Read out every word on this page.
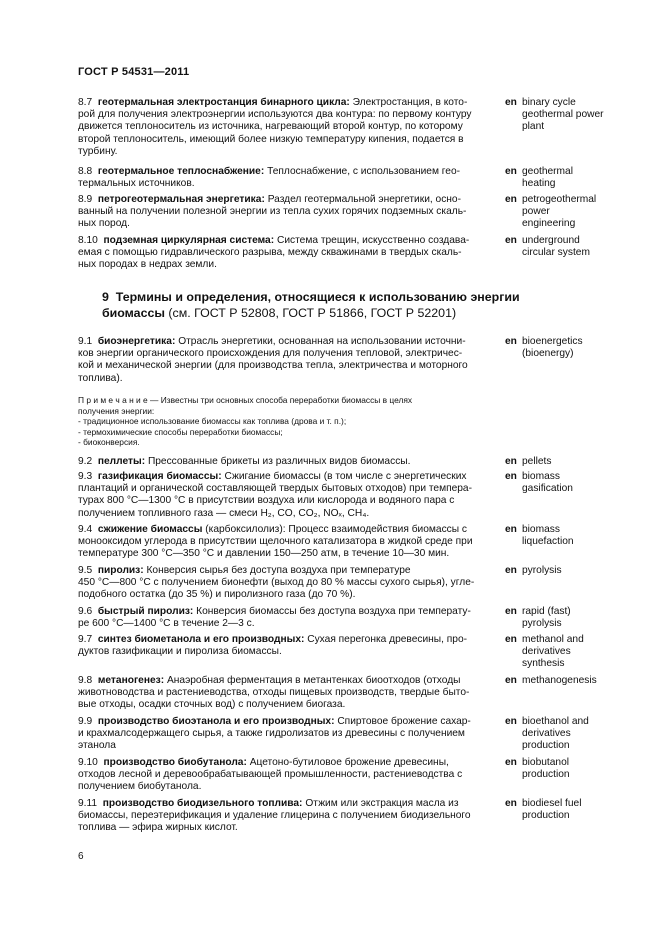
ГОСТ Р 54531—2011
8.7 геотермальная электростанция бинарного цикла: Электростанция, в кото-
рой для получения электроэнергии используются два контура: по первому контуру
движется теплоноситель из источника, нагревающий второй контур, по которому
второй теплоноситель, имеющий более низкую температуру кипения, подается в
турбину.
en binary cycle
geothermal power
plant
8.8 геотермальное теплоснабжение: Теплоснабжение, с использованием гео-
термальных источников.
en geothermal
heating
8.9 петрогеотермальная энергетика: Раздел геотермальной энергетики, осно-
ванный на получении полезной энергии из тепла сухих горячих подземных скаль-
ных пород.
en petrogeothermal
power
engineering
8.10 подземная циркулярная система: Система трещин, искусственно создава-
емая с помощью гидравлического разрыва, между скважинами в твердых скаль-
ных породах в недрах земли.
en underground
circular system
9 Термины и определения, относящиеся к использованию энергии
биомассы (см. ГОСТ Р 52808, ГОСТ Р 51866, ГОСТ Р 52201)
9.1 биоэнергетика: Отрасль энергетики, основанная на использовании источни-
ков энергии органического происхождения для получения тепловой, электричес-
кой и механической энергии (для производства тепла, электричества и моторного
топлива).
en bioenergetics
(bioenergy)
П р и м е ч а н и е — Известны три основных способа переработки биомассы в целях
получения энергии:
- традиционное использование биомассы как топлива (дрова и т. п.);
- термохимические способы переработки биомассы;
- биоконверсия.
9.2 пеллеты: Прессованные брикеты из различных видов биомассы.	en pellets
9.3 газификация биомассы: Сжигание биомассы (в том числе с энергетических
плантаций и органической составляющей твердых бытовых отходов) при темпера-
турах 800 °С—1300 °С в присутствии воздуха или кислорода и водяного пара с
получением топливного газа — смеси H₂, CO, CO₂, NOₓ, CH₄.
en biomass
gasification
9.4 сжижение биомассы (карбоксилолиз): Процесс взаимодействия биомассы с
монооксидом углерода в присутствии щелочного катализатора в жидкой среде при
температуре 300 °С—350 °С и давлении 150—250 атм, в течение 10—30 мин.
en biomass
liquefaction
9.5 пиролиз: Конверсия сырья без доступа воздуха при температуре
450 °С—800 °С с получением бионефти (выход до 80 % массы сухого сырья), угле-
подобного остатка (до 35 %) и пиролизного газа (до 70 %).
en pyrolysis
9.6 быстрый пиролиз: Конверсия биомассы без доступа воздуха при температу-
ре 600 °С—1400 °С в течение 2—3 с.
en rapid (fast)
pyrolysis
9.7 синтез биометанола и его производных: Сухая перегонка древесины, про-
дуктов газификации и пиролиза биомассы.
en methanol and
derivatives
synthesis
9.8 метаногенез: Анаэробная ферментация в метантенках биоотходов (отходы
животноводства и растениеводства, отходы пищевых производств, твердые быто-
вые отходы, осадки сточных вод) с получением биогаза.
en methanogenesis
9.9 производство биоэтанола и его производных: Спиртовое брожение сахар-
и крахмалсодержащего сырья, а также гидролизатов из древесины с получением
этанола
en bioethanol and
derivatives
production
9.10 производство биобутанола: Ацетоно-бутиловое брожение древесины,
отходов лесной и деревообрабатывающей промышленности, растениеводства с
получением биобутанола.
en biobutanol
production
9.11 производство биодизельного топлива: Отжим или экстракция масла из
биомассы, переэтерификация и удаление глицерина с получением биодизельного
топлива — эфира жирных кислот.
en biodiesel fuel
production
6
